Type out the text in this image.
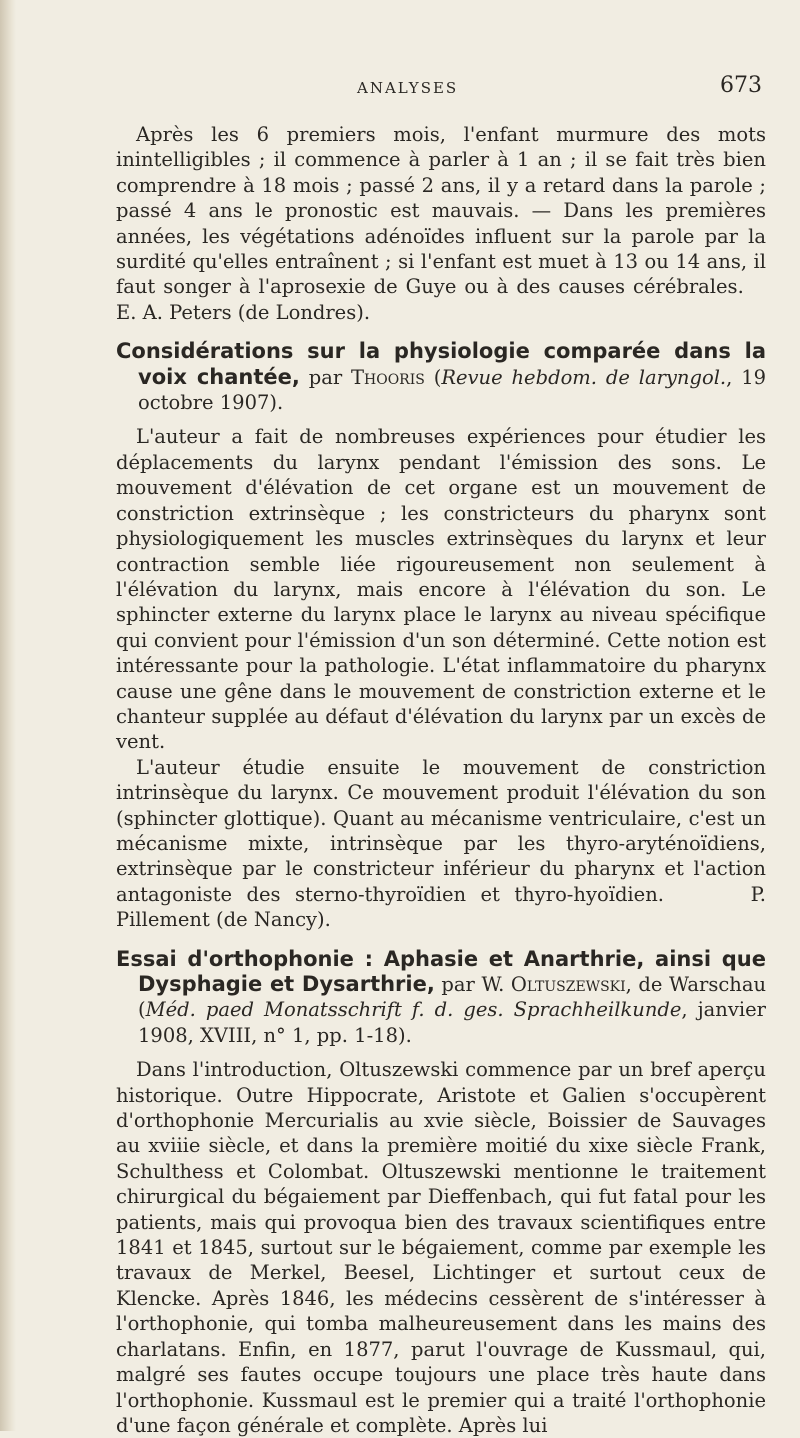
ANALYSES	673

Après les 6 premiers mois, l'enfant murmure des mots inintelligibles ; il commence à parler à 1 an ; il se fait très bien comprendre à 18 mois ; passé 2 ans, il y a retard dans la parole ; passé 4 ans le pronostic est mauvais. — Dans les premières années, les végétations adénoïdes influent sur la parole par la surdité qu'elles entraînent ; si l'enfant est muet à 13 ou 14 ans, il faut songer à l'aprosexie de Guye ou à des causes cérébrales.    E. A. Peters (de Londres).

Considérations sur la physiologie comparée dans la voix chantée, par Thooris (Revue hebdom. de laryngol., 19 octobre 1907).

L'auteur a fait de nombreuses expériences pour étudier les déplacements du larynx pendant l'émission des sons. Le mouvement d'élévation de cet organe est un mouvement de constriction extrinsèque ; les constricteurs du pharynx sont physiologiquement les muscles extrinsèques du larynx et leur contraction semble liée rigoureusement non seulement à l'élévation du larynx, mais encore à l'élévation du son. Le sphincter externe du larynx place le larynx au niveau spécifique qui convient pour l'émission d'un son déterminé. Cette notion est intéressante pour la pathologie. L'état inflammatoire du pharynx cause une gêne dans le mouvement de constriction externe et le chanteur supplée au défaut d'élévation du larynx par un excès de vent.

L'auteur étudie ensuite le mouvement de constriction intrinsèque du larynx. Ce mouvement produit l'élévation du son (sphincter glottique). Quant au mécanisme ventriculaire, c'est un mécanisme mixte, intrinsèque par les thyro-aryténoïdiens, extrinsèque par le constricteur inférieur du pharynx et l'action antagoniste des sterno-thyroïdien et thyro-hyoïdien.	P. Pillement (de Nancy).

Essai d'orthophonie : Aphasie et Anarthrie, ainsi que Dysphagie et Dysarthrie, par W. Oltuszewski, de Warschau (Méd. paed Monatsschrift f. d. ges. Sprachheilkunde, janvier 1908, XVIII, n° 1, pp. 1-18).

Dans l'introduction, Oltuszewski commence par un bref aperçu historique. Outre Hippocrate, Aristote et Galien s'occupèrent d'orthophonie Mercurialis au xvie siècle, Boissier de Sauvages au xviiie siècle, et dans la première moitié du xixe siècle Frank, Schulthess et Colombat. Oltuszewski mentionne le traitement chirurgical du bégaiement par Dieffenbach, qui fut fatal pour les patients, mais qui provoqua bien des travaux scientifiques entre 1841 et 1845, surtout sur le bégaiement, comme par exemple les travaux de Merkel, Beesel, Lichtinger et surtout ceux de Klencke. Après 1846, les médecins cessèrent de s'intéresser à l'orthophonie, qui tomba malheureusement dans les mains des charlatans. Enfin, en 1877, parut l'ouvrage de Kussmaul, qui, malgré ses fautes occupe toujours une place très haute dans l'orthophonie. Kussmaul est le premier qui a traité l'orthophonie d'une façon générale et complète. Après lui
